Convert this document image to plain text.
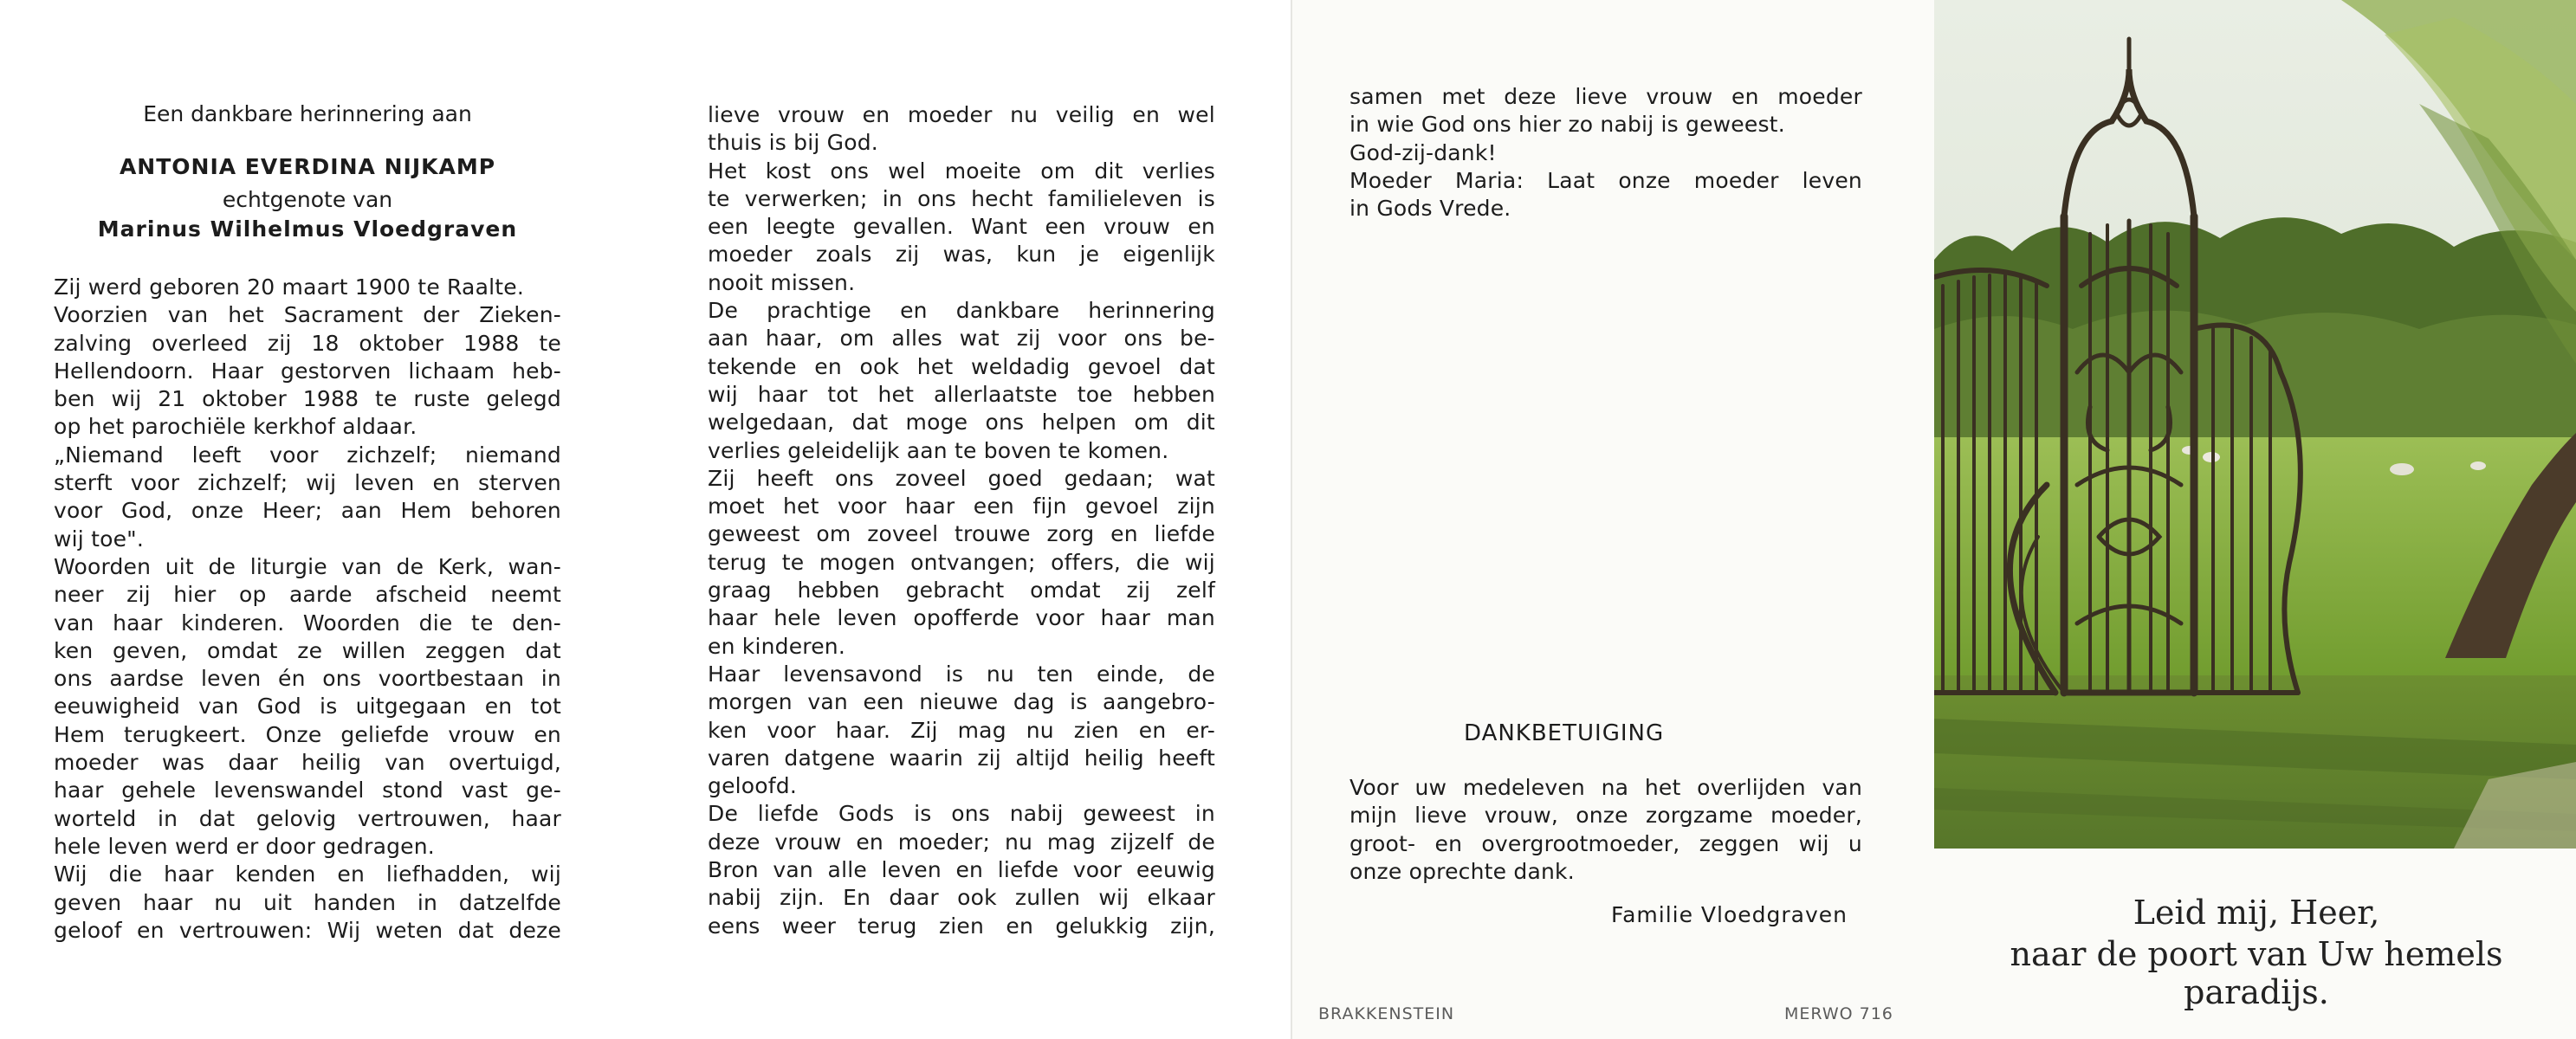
Een dankbare herinnering aan
ANTONIA EVERDINA NIJKAMP
echtgenote van
Marinus Wilhelmus Vloedgraven
Zij werd geboren 20 maart 1900 te Raalte.
Voorzien van het Sacrament der Zieken-
zalving overleed zij 18 oktober 1988 te
Hellendoorn. Haar gestorven lichaam heb-
ben wij 21 oktober 1988 te ruste gelegd
op het parochiële kerkhof aldaar.
„Niemand leeft voor zichzelf; niemand
sterft voor zichzelf; wij leven en sterven
voor God, onze Heer; aan Hem behoren
wij toe".
Woorden uit de liturgie van de Kerk, wan-
neer zij hier op aarde afscheid neemt
van haar kinderen. Woorden die te den-
ken geven, omdat ze willen zeggen dat
ons aardse leven én ons voortbestaan in
eeuwigheid van God is uitgegaan en tot
Hem terugkeert. Onze geliefde vrouw en
moeder was daar heilig van overtuigd,
haar gehele levenswandel stond vast ge-
worteld in dat gelovig vertrouwen, haar
hele leven werd er door gedragen.
Wij die haar kenden en liefhadden, wij
geven haar nu uit handen in datzelfde
geloof en vertrouwen: Wij weten dat deze
lieve vrouw en moeder nu veilig en wel
thuis is bij God.
Het kost ons wel moeite om dit verlies
te verwerken; in ons hecht familieleven is
een leegte gevallen. Want een vrouw en
moeder zoals zij was, kun je eigenlijk
nooit missen.
De prachtige en dankbare herinnering
aan haar, om alles wat zij voor ons be-
tekende en ook het weldadig gevoel dat
wij haar tot het allerlaatste toe hebben
welgedaan, dat moge ons helpen om dit
verlies geleidelijk aan te boven te komen.
Zij heeft ons zoveel goed gedaan; wat
moet het voor haar een fijn gevoel zijn
geweest om zoveel trouwe zorg en liefde
terug te mogen ontvangen; offers, die wij
graag hebben gebracht omdat zij zelf
haar hele leven opofferde voor haar man
en kinderen.
Haar levensavond is nu ten einde, de
morgen van een nieuwe dag is aangebro-
ken voor haar. Zij mag nu zien en er-
varen datgene waarin zij altijd heilig heeft
geloofd.
De liefde Gods is ons nabij geweest in
deze vrouw en moeder; nu mag zijzelf de
Bron van alle leven en liefde voor eeuwig
nabij zijn. En daar ook zullen wij elkaar
eens weer terug zien en gelukkig zijn,
samen met deze lieve vrouw en moeder
in wie God ons hier zo nabij is geweest.
God-zij-dank!
Moeder Maria: Laat onze moeder leven
in Gods Vrede.
DANKBETUIGING
Voor uw medeleven na het overlijden van
mijn lieve vrouw, onze zorgzame moeder,
groot- en overgrootmoeder, zeggen wij u
onze oprechte dank.
Familie Vloedgraven
BRAKKENSTEIN	MERWO 716
Leid mij, Heer,
naar de poort van Uw hemels paradijs.
